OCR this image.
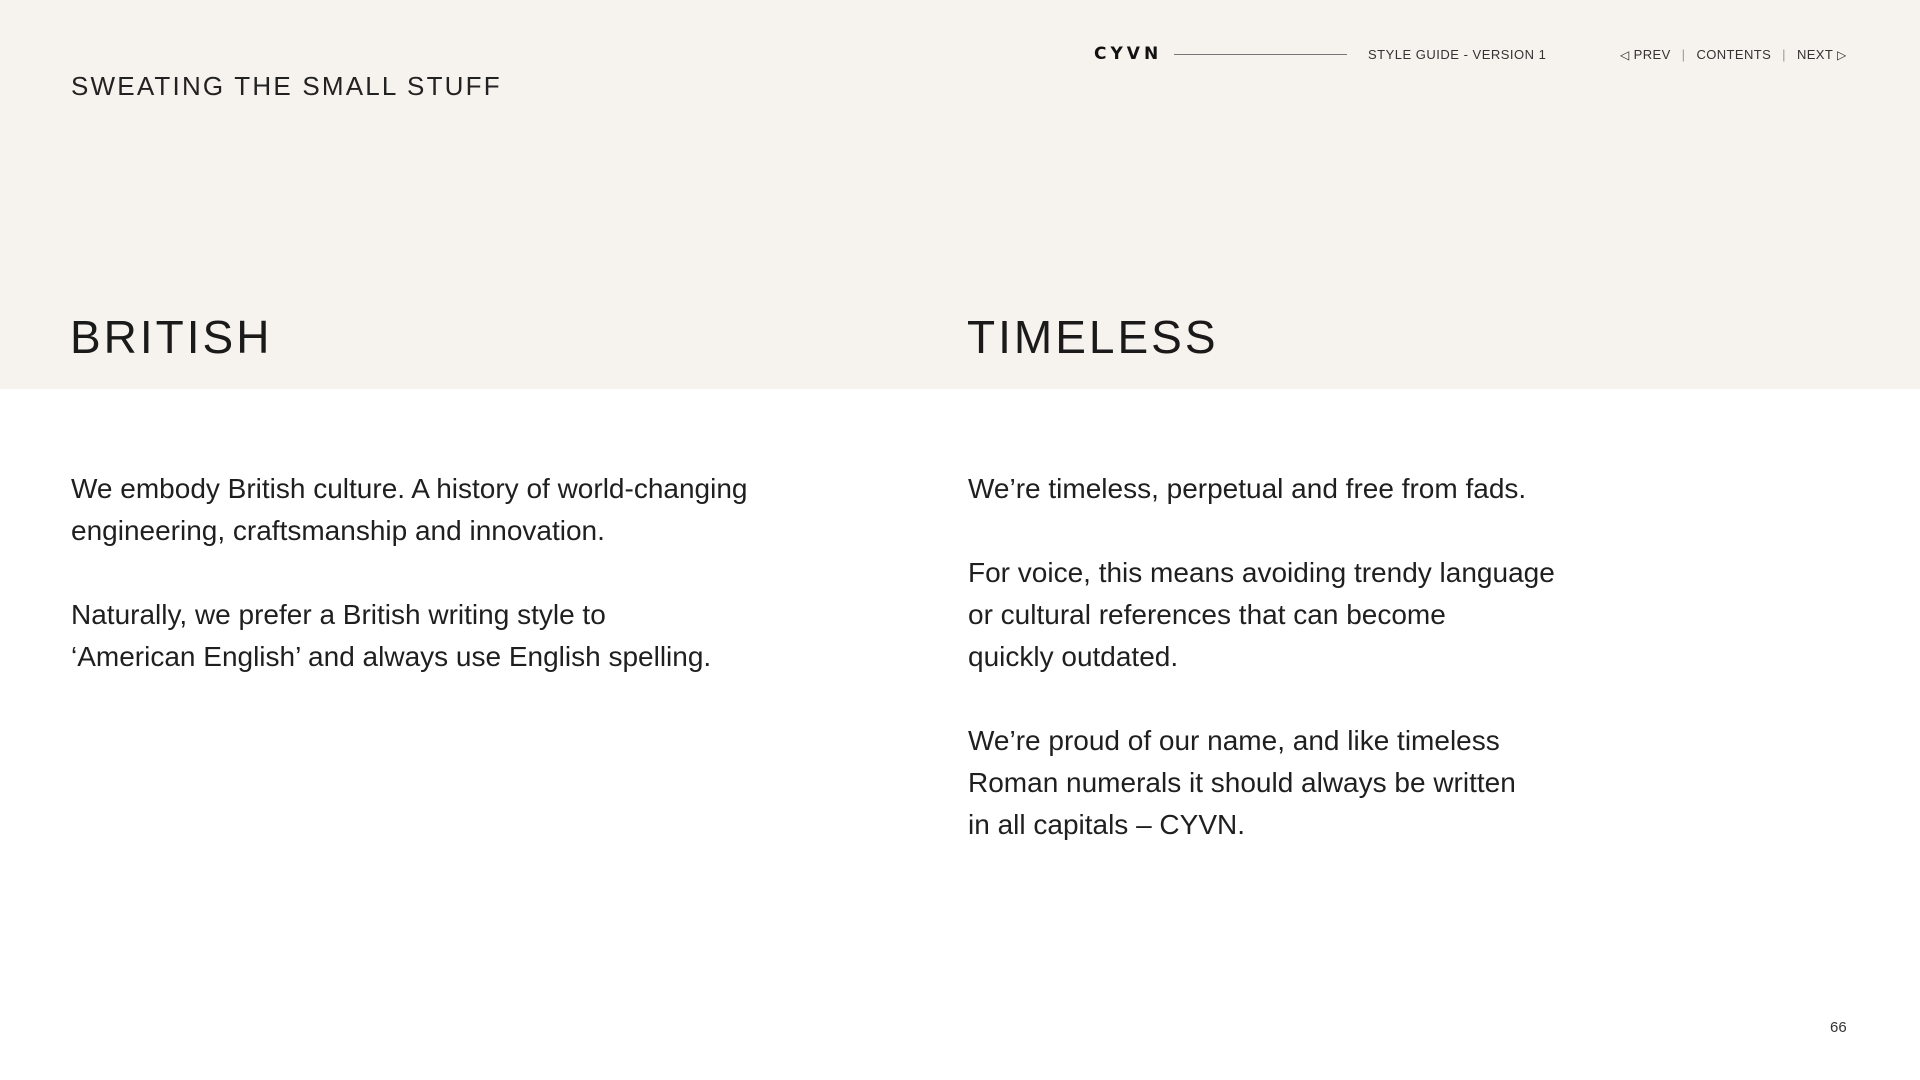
SWEATING THE SMALL STUFF
CYVN	STYLE GUIDE - VERSION 1	◁ PREV | CONTENTS | NEXT ▷
BRITISH	TIMELESS

We embody British culture. A history of world-changing
engineering, craftsmanship and innovation.

Naturally, we prefer a British writing style to
‘American English’ and always use English spelling.

We’re timeless, perpetual and free from fads.

For voice, this means avoiding trendy language
or cultural references that can become
quickly outdated.

We’re proud of our name, and like timeless
Roman numerals it should always be written
in all capitals – CYVN.

66
